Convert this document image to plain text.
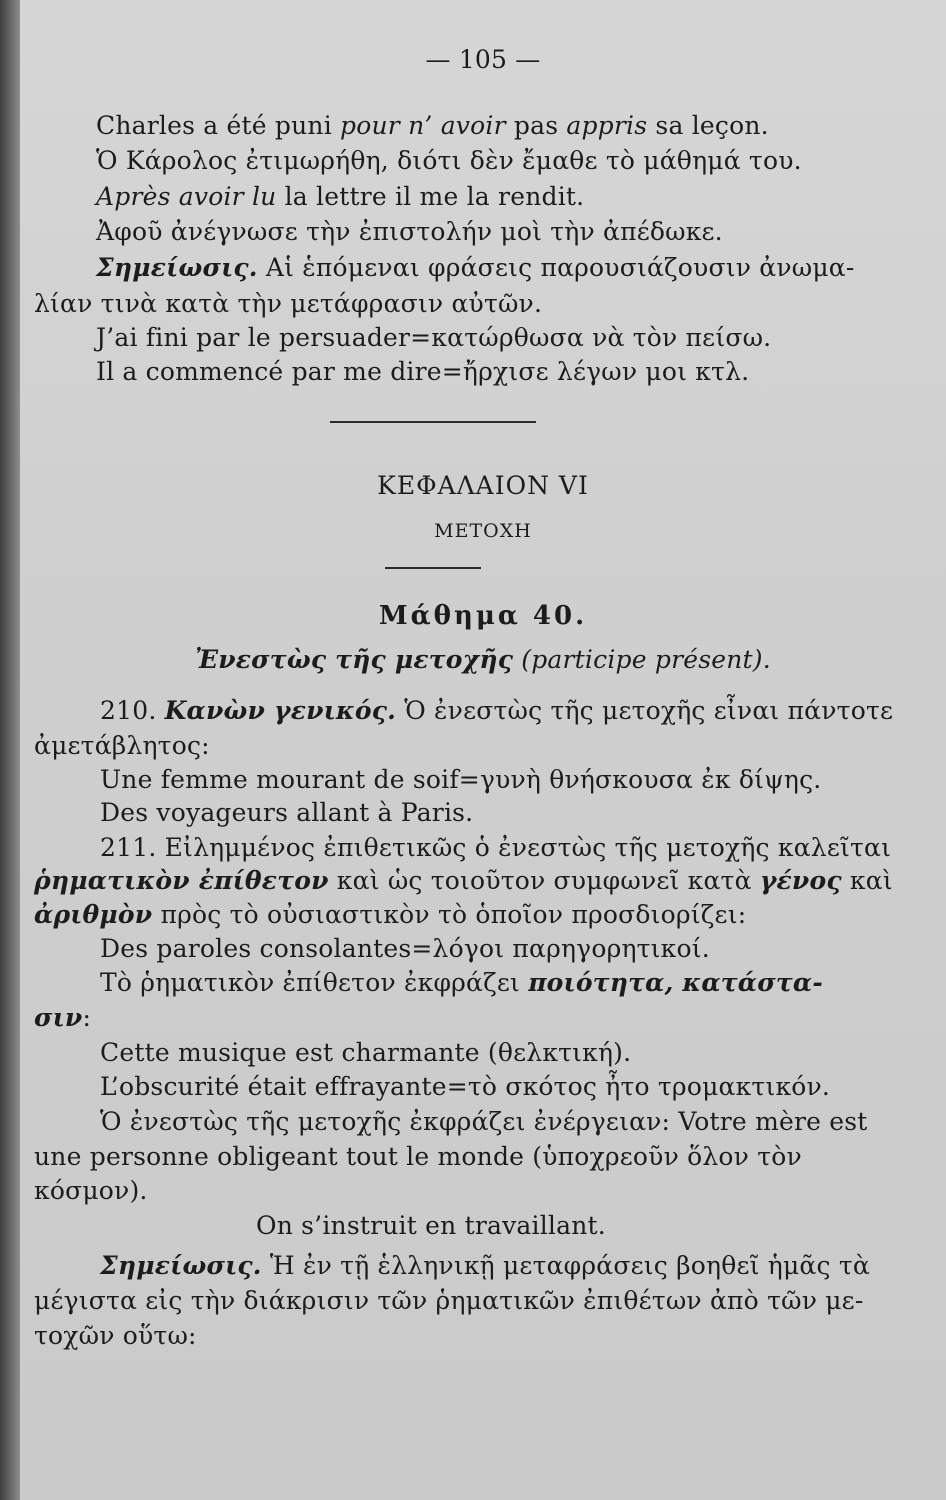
— 105 —
Charles a été puni pour n’ avoir pas appris sa leçon.
Ὁ Κάρολος ἐτιμωρήθη, διότι δὲν ἔμαθε τὸ μάθημά του.
Après avoir lu la lettre il me la rendit.
Ἀφοῦ ἀνέγνωσε τὴν ἐπιστολήν μοὶ τὴν ἀπέδωκε.
Σημείωσις. Αἱ ἑπόμεναι φράσεις παρουσιάζουσιν ἀνωμα-
λίαν τινὰ κατὰ τὴν μετάφρασιν αὐτῶν.
J’ai fini par le persuader=κατώρθωσα νὰ τὸν πείσω.
Il a commencé par me dire=ἤρχισε λέγων μοι κτλ.
ΚΕΦΑΛΑΙΟΝ VI
ΜΕΤΟΧΗ
Μάθημα 40.
Ἐνεστὼς τῆς μετοχῆς (participe présent).
210. Κανὼν γενικός. Ὁ ἐνεστὼς τῆς μετοχῆς εἶναι πάντοτε
ἀμετάβλητος:
Une femme mourant de soif=γυνὴ θνήσκουσα ἐκ δίψης.
Des voyageurs allant à Paris.
211. Εἰλημμένος ἐπιθετικῶς ὁ ἐνεστὼς τῆς μετοχῆς καλεῖται
ῥηματικὸν ἐπίθετον καὶ ὡς τοιοῦτον συμφωνεῖ κατὰ γένος καὶ
ἀριθμὸν πρὸς τὸ οὐσιαστικὸν τὸ ὁποῖον προσδιορίζει:
Des paroles consolantes=λόγοι παρηγορητικοί.
Τὸ ῥηματικὸν ἐπίθετον ἐκφράζει ποιότητα, κατάστα-
σιν:
Cette musique est charmante (θελκτική).
L’obscurité était effrayante=τὸ σκότος ἦτο τρομακτικόν.
Ὁ ἐνεστὼς τῆς μετοχῆς ἐκφράζει ἐνέργειαν: Votre mère est
une personne obligeant tout le monde (ὑποχρεοῦν ὅλον τὸν
κόσμον).
On s’instruit en travaillant.
Σημείωσις. Ἡ ἐν τῇ ἑλληνικῇ μεταφράσεις βοηθεῖ ἡμᾶς τὰ
μέγιστα εἰς τὴν διάκρισιν τῶν ῥηματικῶν ἐπιθέτων ἀπὸ τῶν με-
τοχῶν οὕτω:
